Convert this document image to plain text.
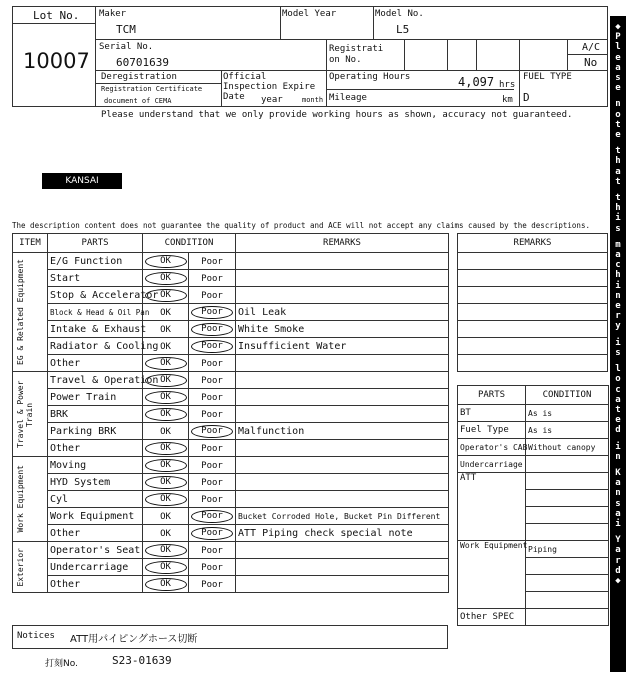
Lot No.
10007
Maker
TCM
Model Year	Model No.
L5
Serial No.
60701639
Registrati on No.
A/C
No
Deregistration
Registration Certificate
document of CEMA
Official Inspection Expire Date	year	month
Operating Hours	4,097 hrs
Mileage	km
FUEL TYPE
D
Please understand that we only provide working hours as shown, accuracy not guaranteed.
KANSAI
The description content does not guarantee the quality of product and ACE will not accept any claims caused by the descriptions.
ITEM	PARTS	CONDITION		REMARKS

EG & Related Equipment	E/G Function	OK	Poor	
	Start	OK	Poor	
	Stop & Accelerator	OK	Poor	
	Block & Head & Oil Pan	OK	Poor	Oil Leak
	Intake & Exhaust	OK	Poor	White Smoke
	Radiator & Cooling	OK	Poor	Insufficient Water
	Other	OK	Poor	

Travel & Power Train	Travel & Operation	OK	Poor	
	Power Train	OK	Poor	
	BRK	OK	Poor	
	Parking BRK	OK	Poor	Malfunction
	Other	OK	Poor	

Work Equipment	Moving	OK	Poor	
	HYD System	OK	Poor	
	Cyl	OK	Poor	
	Work Equipment	OK	Poor	Bucket Corroded Hole, Bucket Pin Different
	Other	OK	Poor	ATT Piping check special note

Exterior	Operator's Seat	OK	Poor	
	Undercarriage	OK	Poor	
	Other	OK	Poor	
REMARKS

PARTS	CONDITION
BT	As is
Fuel Type	As is
Operator's CAB	Without canopy
Undercarriage	
ATT	

Work Equipment	Piping

Other SPEC	
Notices ATT用パイピングホース切断
打刻No.	S23-01639
◆
P
l
e
a
s
e

n
o
t
e

t
h
a
t

t
h
i
s

m
a
c
h
i
n
e
r
y

i
s

l
o
c
a
t
e
d

i
n

K
a
n
s
a
i

Y
a
r
d
◆
